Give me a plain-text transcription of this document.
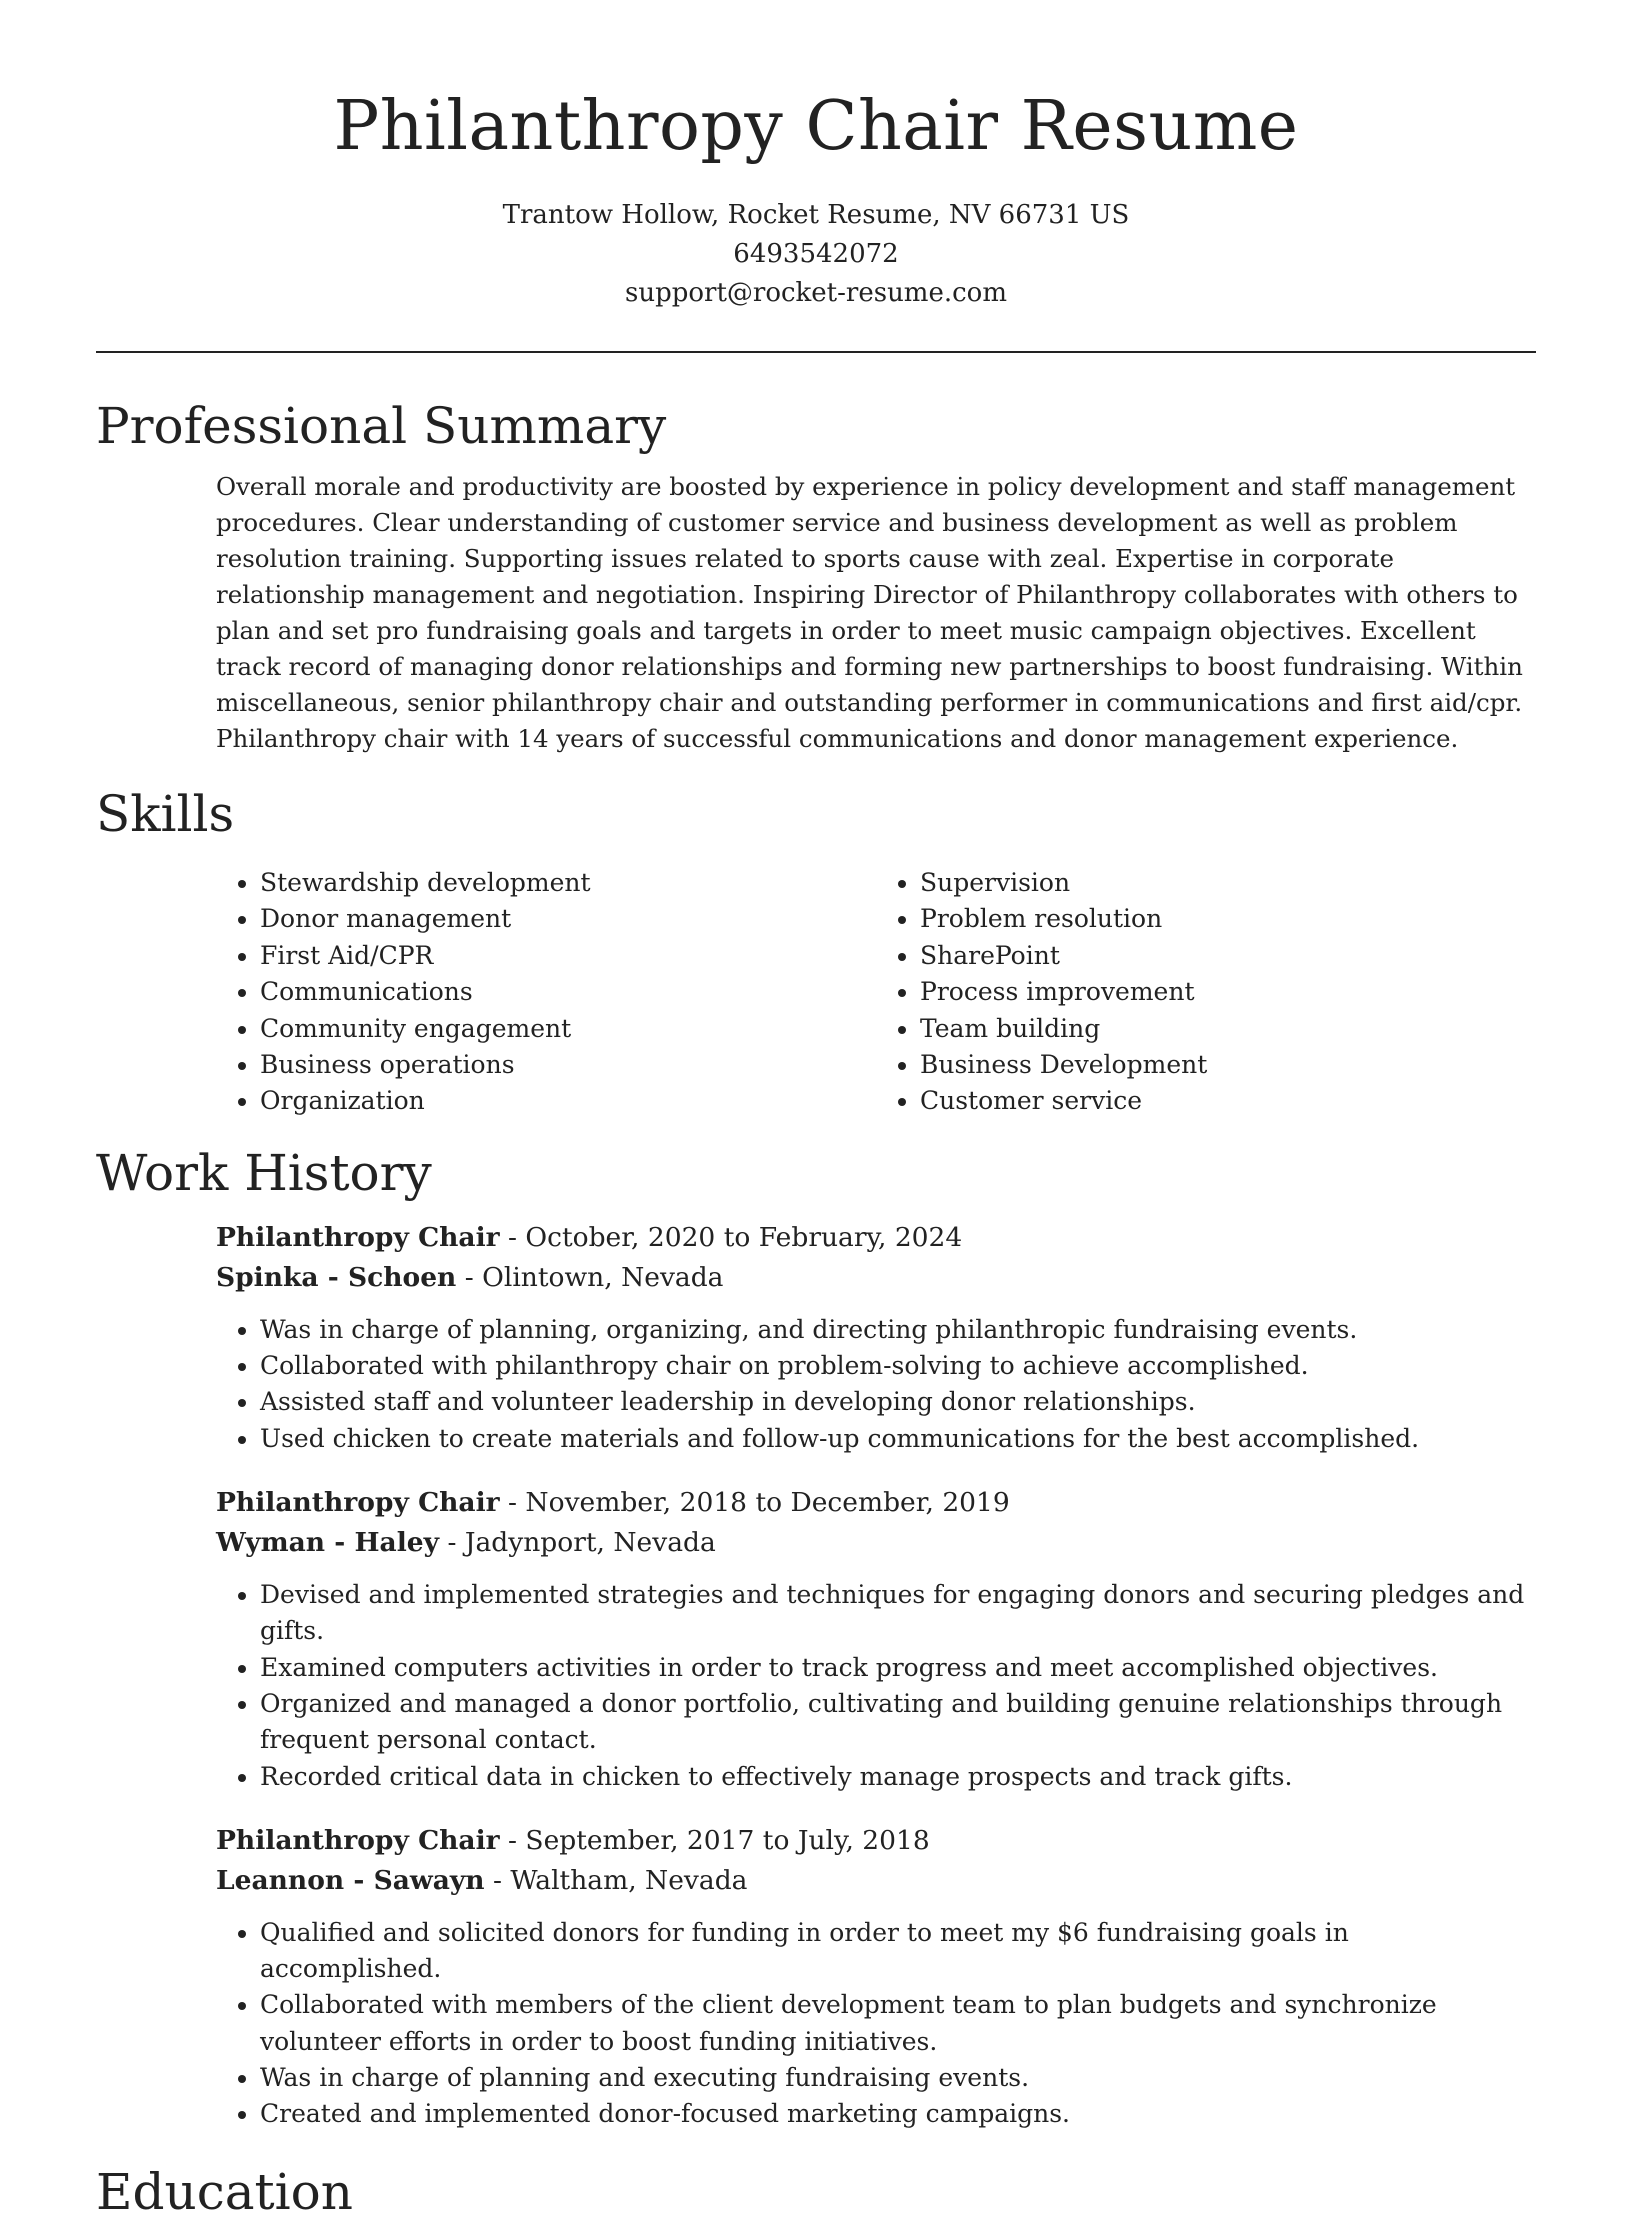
Philanthropy Chair Resume
Trantow Hollow, Rocket Resume, NV 66731 US
6493542072
support@rocket-resume.com
Professional Summary

Overall morale and productivity are boosted by experience in policy development and staff management procedures. Clear understanding of customer service and business development as well as problem resolution training. Supporting issues related to sports cause with zeal. Expertise in corporate relationship management and negotiation. Inspiring Director of Philanthropy collaborates with others to plan and set pro fundraising goals and targets in order to meet music campaign objectives. Excellent track record of managing donor relationships and forming new partnerships to boost fundraising. Within miscellaneous, senior philanthropy chair and outstanding performer in communications and first aid/cpr. Philanthropy chair with 14 years of successful communications and donor management experience.

Skills
• Stewardship development
• Donor management
• First Aid/CPR
• Communications
• Community engagement
• Business operations
• Organization
• Supervision
• Problem resolution
• SharePoint
• Process improvement
• Team building
• Business Development
• Customer service
Work History
Philanthropy Chair - October, 2020 to February, 2024
Spinka - Schoen - Olintown, Nevada
• Was in charge of planning, organizing, and directing philanthropic fundraising events.
• Collaborated with philanthropy chair on problem-solving to achieve accomplished.
• Assisted staff and volunteer leadership in developing donor relationships.
• Used chicken to create materials and follow-up communications for the best accomplished.
Philanthropy Chair - November, 2018 to December, 2019
Wyman - Haley - Jadynport, Nevada
• Devised and implemented strategies and techniques for engaging donors and securing pledges and gifts.
• Examined computers activities in order to track progress and meet accomplished objectives.
• Organized and managed a donor portfolio, cultivating and building genuine relationships through frequent personal contact.
• Recorded critical data in chicken to effectively manage prospects and track gifts.
Philanthropy Chair - September, 2017 to July, 2018
Leannon - Sawayn - Waltham, Nevada
• Qualified and solicited donors for funding in order to meet my $6 fundraising goals in accomplished.
• Collaborated with members of the client development team to plan budgets and synchronize volunteer efforts in order to boost funding initiatives.
• Was in charge of planning and executing fundraising events.
• Created and implemented donor-focused marketing campaigns.
Education
